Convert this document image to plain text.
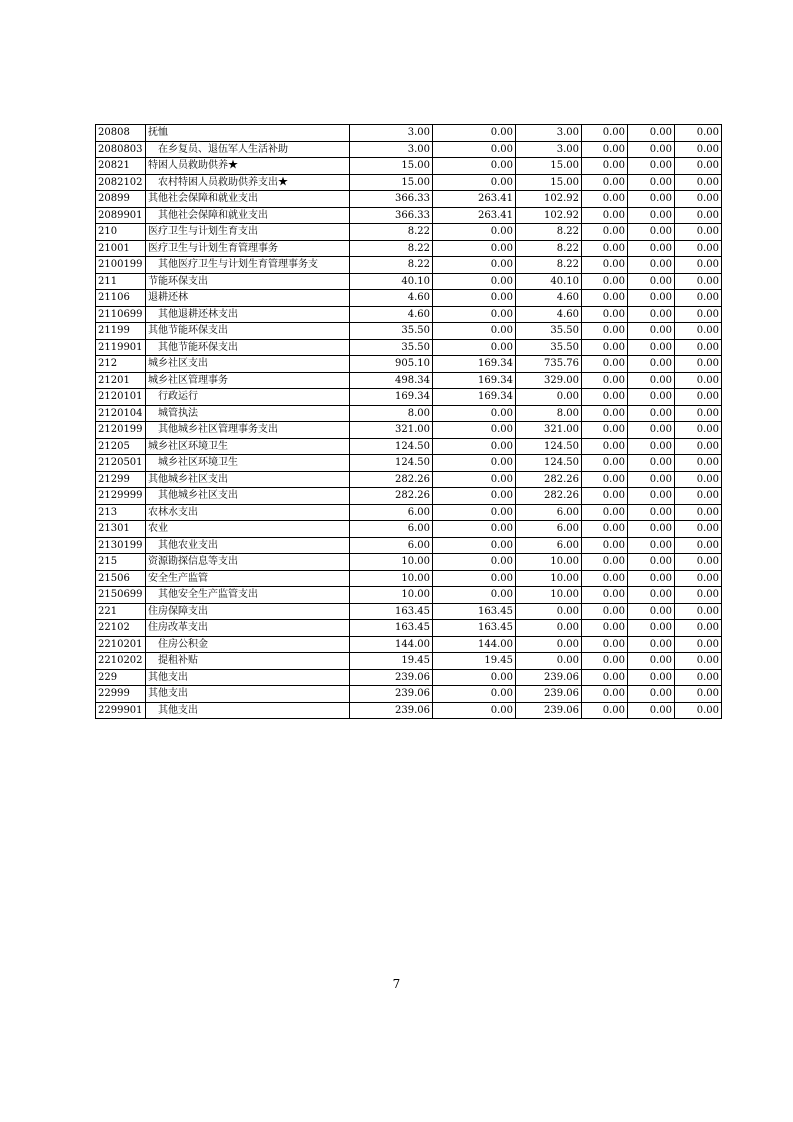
20808	抚恤	3.00	0.00	3.00	0.00	0.00	0.00
2080803	在乡复员、退伍军人生活补助	3.00	0.00	3.00	0.00	0.00	0.00
20821	特困人员救助供养★	15.00	0.00	15.00	0.00	0.00	0.00
2082102	农村特困人员救助供养支出★	15.00	0.00	15.00	0.00	0.00	0.00
20899	其他社会保障和就业支出	366.33	263.41	102.92	0.00	0.00	0.00
2089901	其他社会保障和就业支出	366.33	263.41	102.92	0.00	0.00	0.00
210	医疗卫生与计划生育支出	8.22	0.00	8.22	0.00	0.00	0.00
21001	医疗卫生与计划生育管理事务	8.22	0.00	8.22	0.00	0.00	0.00
2100199	其他医疗卫生与计划生育管理事务支	8.22	0.00	8.22	0.00	0.00	0.00
211	节能环保支出	40.10	0.00	40.10	0.00	0.00	0.00
21106	退耕还林	4.60	0.00	4.60	0.00	0.00	0.00
2110699	其他退耕还林支出	4.60	0.00	4.60	0.00	0.00	0.00
21199	其他节能环保支出	35.50	0.00	35.50	0.00	0.00	0.00
2119901	其他节能环保支出	35.50	0.00	35.50	0.00	0.00	0.00
212	城乡社区支出	905.10	169.34	735.76	0.00	0.00	0.00
21201	城乡社区管理事务	498.34	169.34	329.00	0.00	0.00	0.00
2120101	行政运行	169.34	169.34	0.00	0.00	0.00	0.00
2120104	城管执法	8.00	0.00	8.00	0.00	0.00	0.00
2120199	其他城乡社区管理事务支出	321.00	0.00	321.00	0.00	0.00	0.00
21205	城乡社区环境卫生	124.50	0.00	124.50	0.00	0.00	0.00
2120501	城乡社区环境卫生	124.50	0.00	124.50	0.00	0.00	0.00
21299	其他城乡社区支出	282.26	0.00	282.26	0.00	0.00	0.00
2129999	其他城乡社区支出	282.26	0.00	282.26	0.00	0.00	0.00
213	农林水支出	6.00	0.00	6.00	0.00	0.00	0.00
21301	农业	6.00	0.00	6.00	0.00	0.00	0.00
2130199	其他农业支出	6.00	0.00	6.00	0.00	0.00	0.00
215	资源勘探信息等支出	10.00	0.00	10.00	0.00	0.00	0.00
21506	安全生产监管	10.00	0.00	10.00	0.00	0.00	0.00
2150699	其他安全生产监管支出	10.00	0.00	10.00	0.00	0.00	0.00
221	住房保障支出	163.45	163.45	0.00	0.00	0.00	0.00
22102	住房改革支出	163.45	163.45	0.00	0.00	0.00	0.00
2210201	住房公积金	144.00	144.00	0.00	0.00	0.00	0.00
2210202	提租补贴	19.45	19.45	0.00	0.00	0.00	0.00
229	其他支出	239.06	0.00	239.06	0.00	0.00	0.00
22999	其他支出	239.06	0.00	239.06	0.00	0.00	0.00
2299901	其他支出	239.06	0.00	239.06	0.00	0.00	0.00
7
